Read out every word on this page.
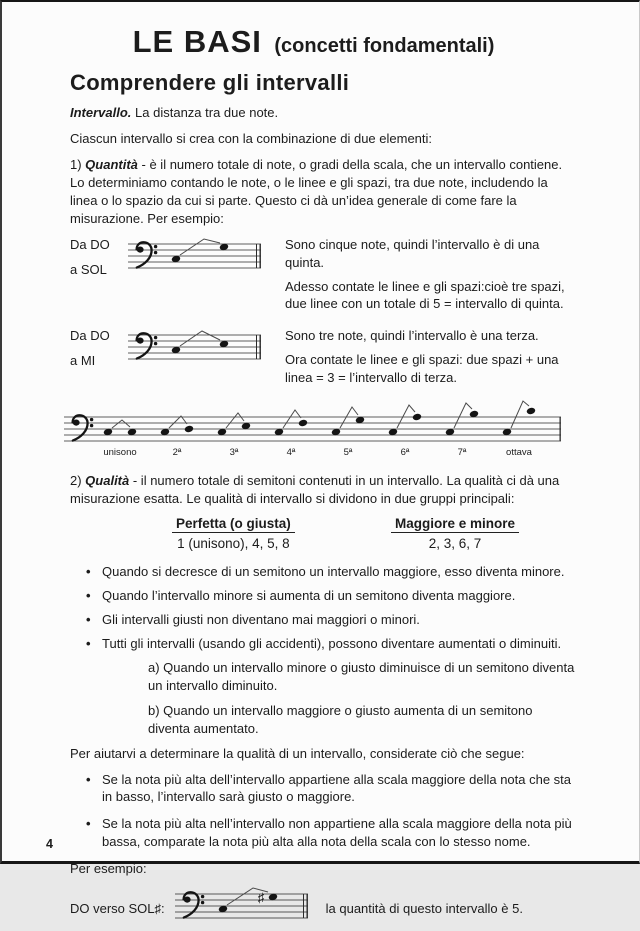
LE BASI (concetti fondamentali)
Comprendere gli intervalli

Intervallo. La distanza tra due note.

Ciascun intervallo si crea con la combinazione di due elementi:

1) Quantità - è il numero totale di note, o gradi della scala, che un intervallo contiene. Lo determiniamo contando le note, o le linee e gli spazi, tra due note, includendo la linea o lo spazio da cui si parte. Questo ci dà un’idea generale di come fare la misurazione. Per esempio:

Da DO
a SOL

Sono cinque note, quindi l’intervallo è di una quinta.

Adesso contate le linee e gli spazi:cioè tre spazi, due linee con un totale di 5 = intervallo di quinta.

Da DO
a MI

Sono tre note, quindi l’intervallo è una terza.

Ora contate le linee e gli spazi: due spazi + una linea = 3 = l’intervallo di terza.

unisono	2ª	3ª	4ª	5ª	6ª	7ª	ottava

2) Qualità - il numero totale di semitoni contenuti in un intervallo. La qualità ci dà una misurazione esatta. Le qualità di intervallo si dividono in due gruppi principali:

Perfetta (o giusta)
1 (unisono), 4, 5, 8
Maggiore e minore
2, 3, 6, 7
• Quando si decresce di un semitono un intervallo maggiore, esso diventa minore.
• Quando l’intervallo minore si aumenta di un semitono diventa maggiore.
• Gli intervalli giusti non diventano mai maggiori o minori.
• Tutti gli intervalli (usando gli accidenti), possono diventare aumentati o diminuiti.

a) Quando un intervallo minore o giusto diminuisce di un semitono diventa un intervallo diminuito.

b) Quando un intervallo maggiore o giusto aumenta di un semitono diventa aumentato.

Per aiutarvi a determinare la qualità di un intervallo, considerate ciò che segue:

• Se la nota più alta dell’intervallo appartiene alla scala maggiore della nota che sta in basso, l’intervallo sarà giusto o maggiore.
• Se la nota più alta nell’intervallo non appartiene alla scala maggiore della nota più bassa, comparate la nota più alta alla nota della scala con lo stesso nome.

Per esempio:

DO verso SOL♯:
♯
la quantità di questo intervallo è 5.
4
